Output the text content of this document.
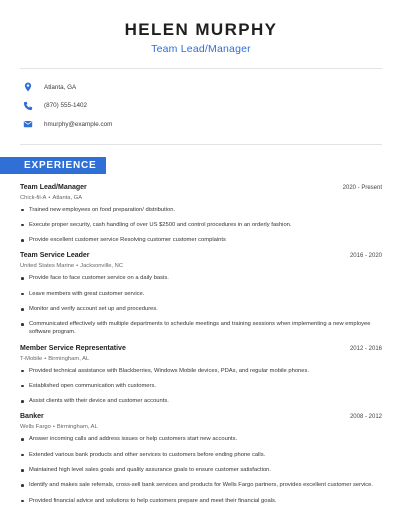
HELEN MURPHY
Team Lead/Manager
Atlanta, GA
(870) 555-1402
hmurphy@example.com
EXPERIENCE
Team Lead/Manager	2020 - Present
Chick-fil-A • Atlanta, GA
Trained new employees on food preparation/ distribution.
Execute proper security, cash handling of over US $2500 and control procedures in an orderly fashion.
Provide excellent customer service Resolving customer customer complaints
Team Service Leader	2016 - 2020
United States Marine • Jacksonville, NC
Provide face to face customer service on a daily basis.
Leave members with great customer service.
Monitor and verify account set up and procedures.
Communicated effectively with multiple departments to schedule meetings and training sessions when implementing a new employee software program.
Member Service Representative	2012 - 2016
T-Mobile • Birmingham, AL
Provided technical assistance with Blackberries, Windows Mobile devices, PDAs, and regular mobile phones.
Established open communication with customers.
Assist clients with their device and customer accounts.
Banker	2008 - 2012
Wells Fargo • Birmingham, AL
Answer incoming calls and address issues or help customers start new accounts.
Extended various bank products and other services to customers before ending phone calls.
Maintained high level sales goals and quality assurance goals to ensure customer satisfaction.
Identify and makes sale referrals, cross-sell bank services and products for Wells Fargo partners, provides excellent customer service.
Provided financial advice and solutions to help customers prepare and meet their financial goals.
